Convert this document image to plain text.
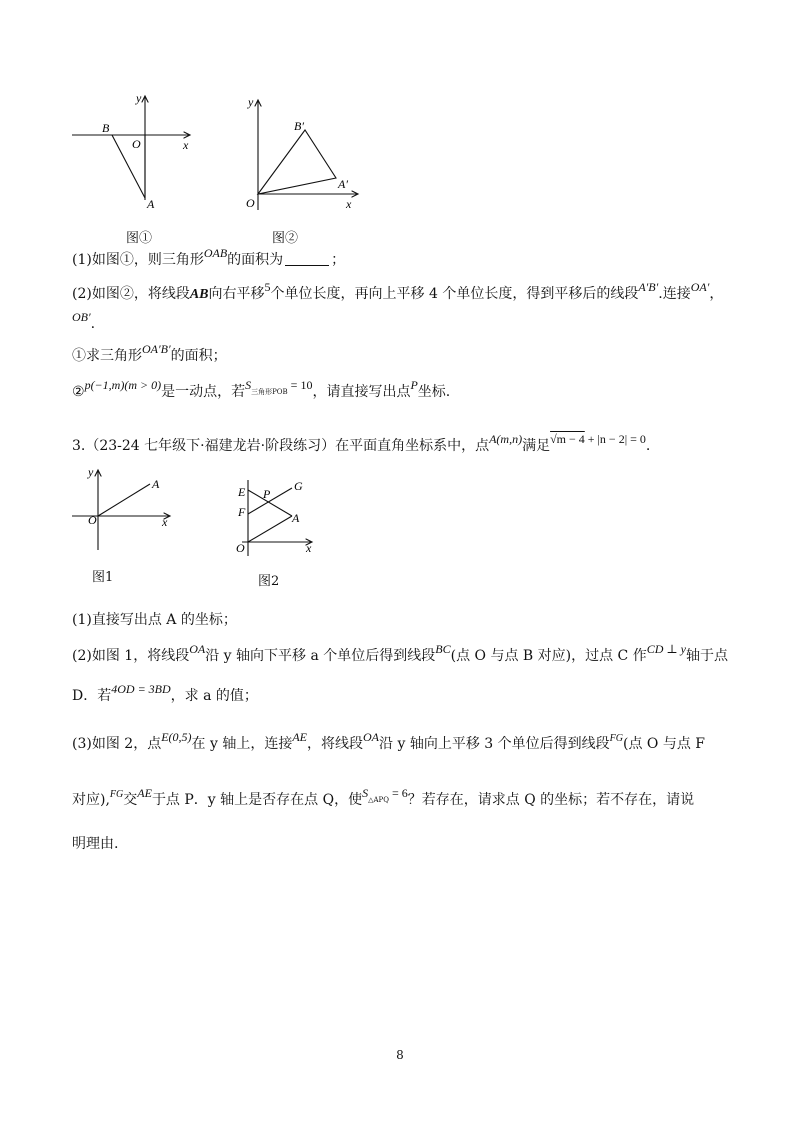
y
x
B
O
A
图①
y
x
B′
A′
O
图②
(1)如图①，则三角形OAB的面积为	；
(2)如图②，将线段AB向右平移5个单位长度，再向上平移 4 个单位长度，得到平移后的线段A′B′.连接OA′，
OB′.
①求三角形OA′B′的面积；
②p(−1,m)(m > 0)是一动点，若S三角形POB = 10，请直接写出点P坐标.
3.（23-24 七年级下·福建龙岩·阶段练习）在平面直角坐标系中，点A(m,n)满足√m − 4 + |n − 2| = 0.
y
x
O
A
图1
E P
G
F	A
O	x
图2
(1)直接写出点 A 的坐标；
(2)如图 1，将线段OA沿 y 轴向下平移 a 个单位后得到线段BC(点 O 与点 B 对应)，过点 C 作CD ⊥ y轴于点
D．若4OD = 3BD，求 a 的值；
(3)如图 2，点E(0,5)在 y 轴上，连接AE，将线段OA沿 y 轴向上平移 3 个单位后得到线段$^{FG}$(点 O 与点 F
对应),$^{FG}$交AE于点 P．y 轴上是否存在点 Q，使S△APQ = 6？若存在，请求点 Q 的坐标；若不存在，请说
明理由.
8
